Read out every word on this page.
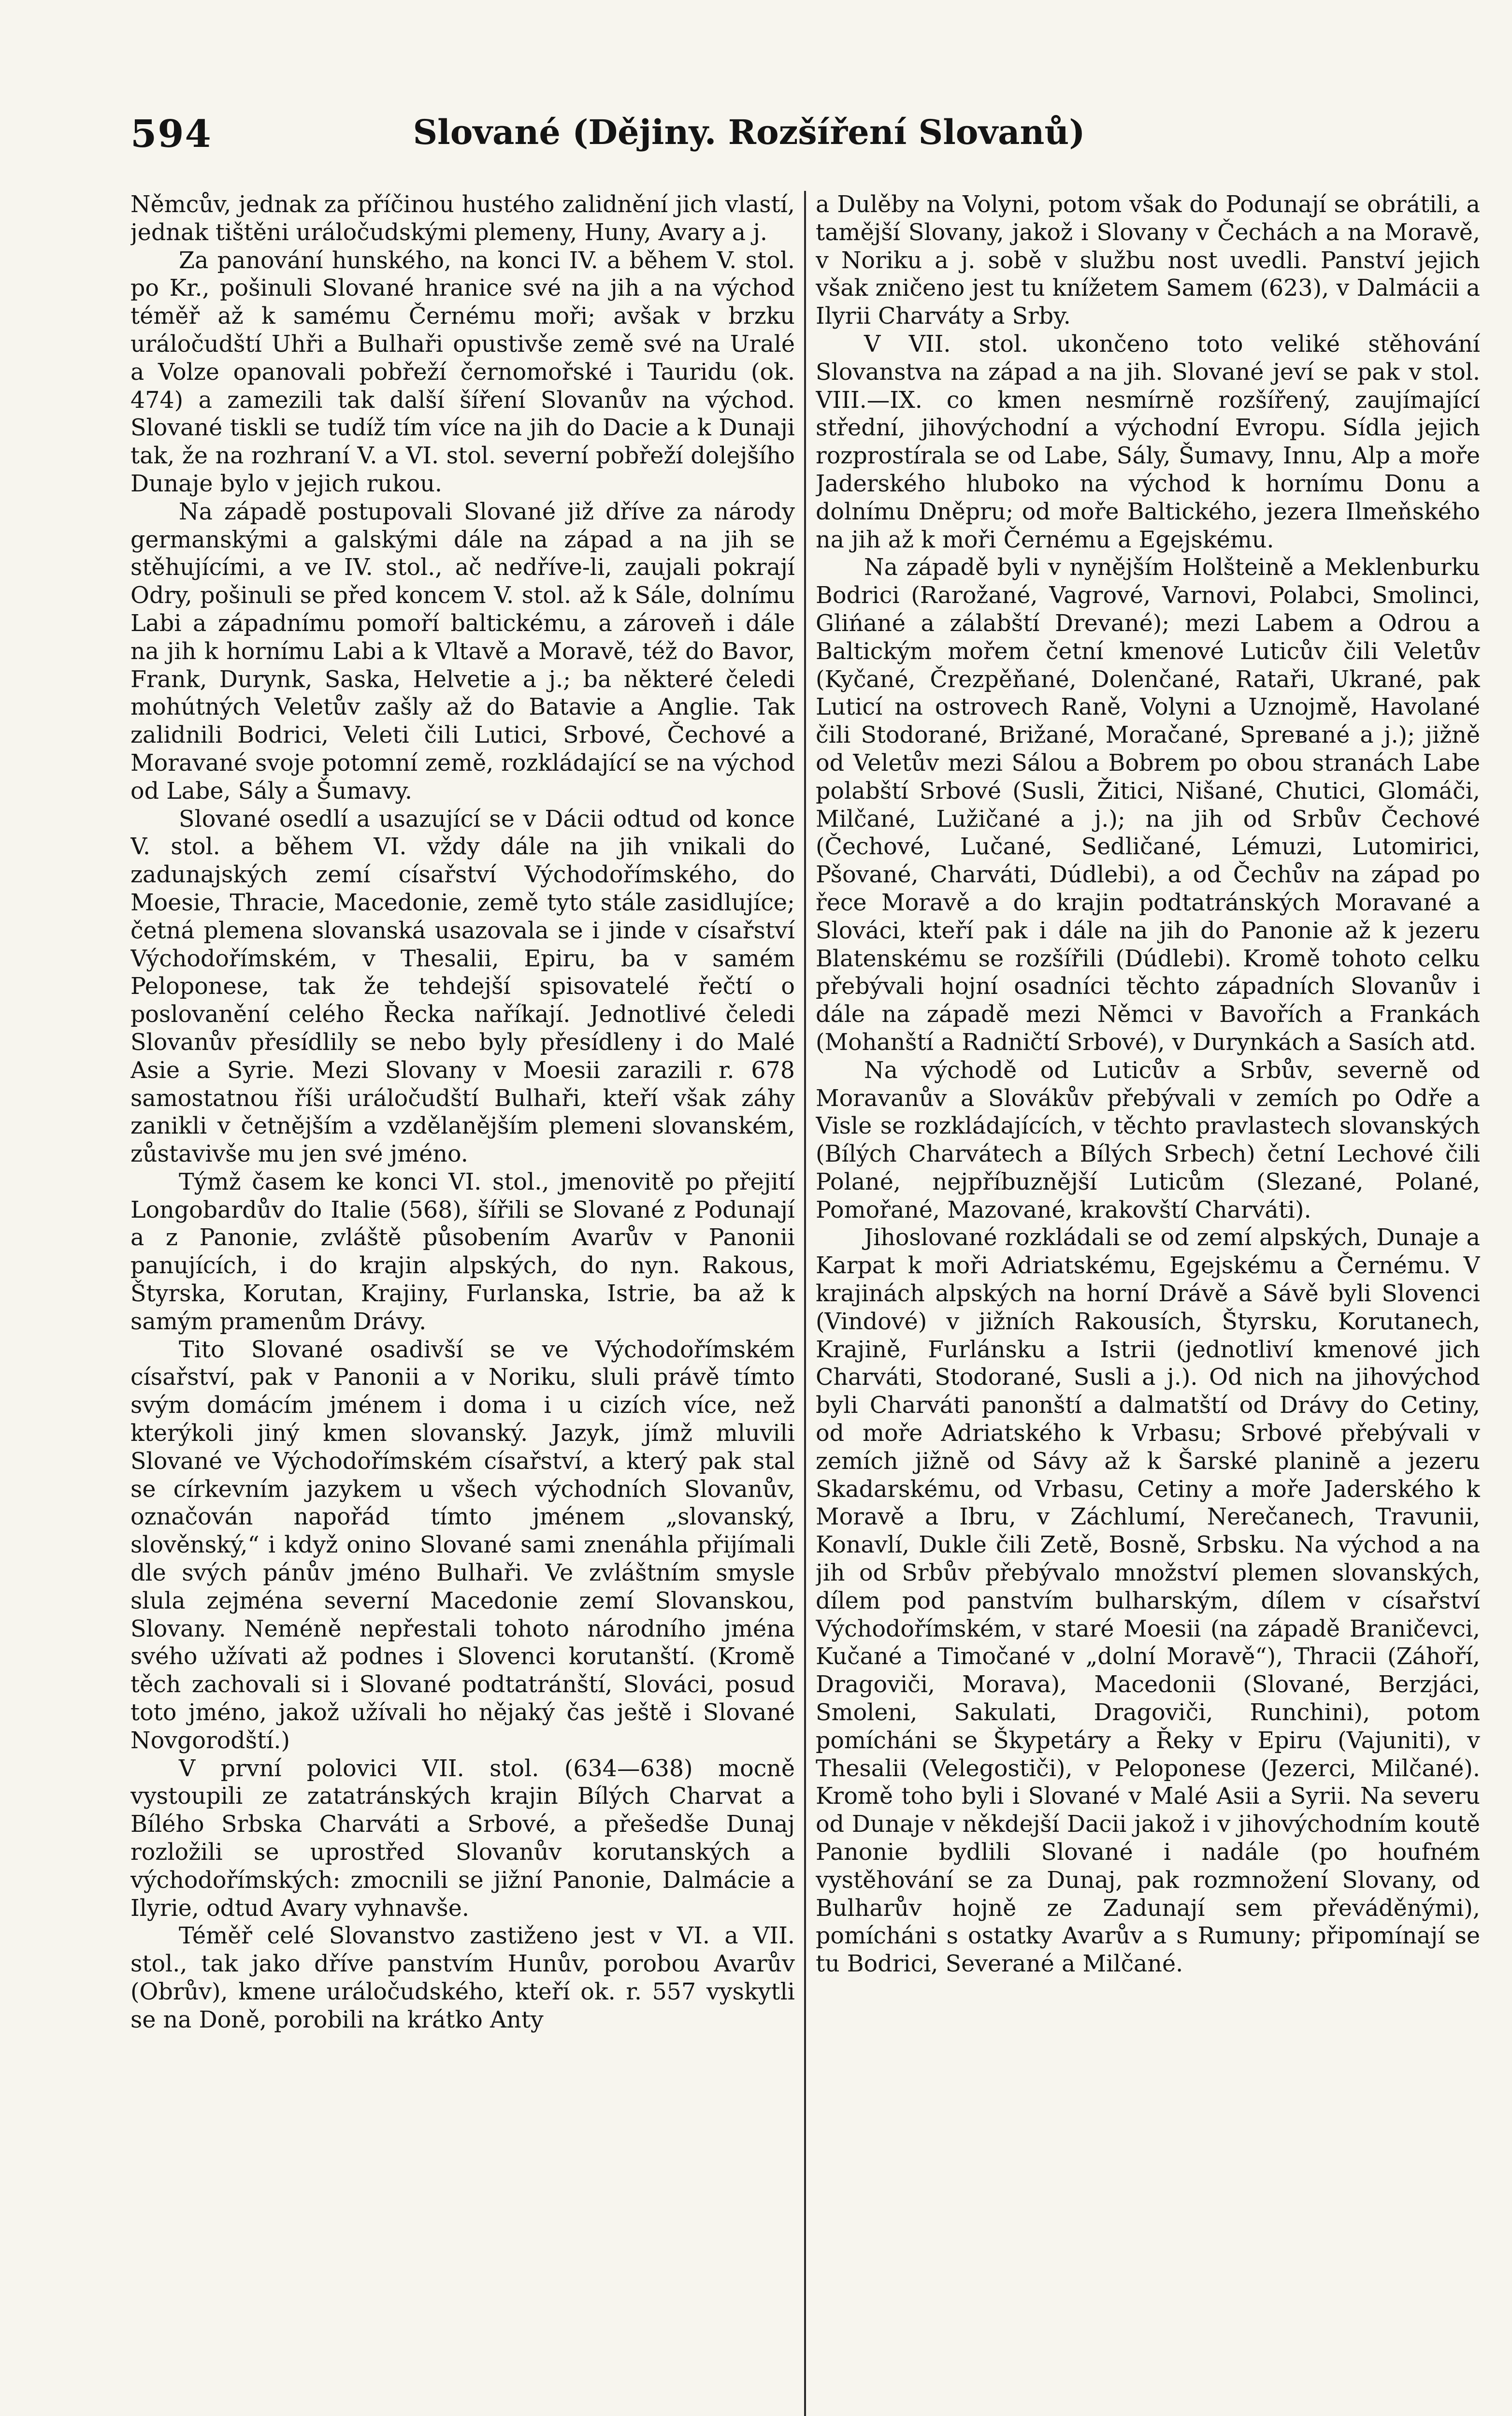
594	Slované (Dějiny. Rozšíření Slovanů)

Němcův, jednak za příčinou hustého zalidnění jich vlastí, jednak tištěni uráločudskými plemeny, Huny, Avary a j.

Za panování hunského, na konci IV. a během V. stol. po Kr., pošinuli Slované hranice své na jih a na východ téměř až k samému Černému moři; avšak v brzku uráločudští Uhři a Bulhaři opustivše země své na Uralé a Volze opanovali pobřeží černomořské i Tauridu (ok. 474) a zamezili tak další šíření Slovanův na východ. Slované tiskli se tudíž tím více na jih do Dacie a k Dunaji tak, že na rozhraní V. a VI. stol. severní pobřeží dolejšího Dunaje bylo v jejich rukou.

Na západě postupovali Slované již dříve za národy germanskými a galskými dále na západ a na jih se stěhujícími, a ve IV. stol., ač nedříve-li, zaujali pokrají Odry, pošinuli se před koncem V. stol. až k Sále, dolnímu Labi a západnímu pomoří baltickému, a zároveň i dále na jih k hornímu Labi a k Vltavě a Moravě, též do Bavor, Frank, Durynk, Saska, Helvetie a j.; ba některé čeledi mohútných Veletův zašly až do Batavie a Anglie. Tak zalidnili Bodrici, Veleti čili Lutici, Srbové, Čechové a Moravané svoje potomní země, rozkládající se na východ od Labe, Sály a Šumavy.

Slované osedlí a usazující se v Dácii odtud od konce V. stol. a během VI. vždy dále na jih vnikali do zadunajských zemí císařství Východořímského, do Moesie, Thracie, Macedonie, země tyto stále zasidlujíce; četná plemena slovanská usazovala se i jinde v císařství Východořímském, v Thesalii, Epiru, ba v samém Peloponese, tak že tehdejší spisovatelé řečtí o poslovanění celého Řecka naříkají. Jednotlivé čeledi Slovanův přesídlily se nebo byly přesídleny i do Malé Asie a Syrie. Mezi Slovany v Moesii zarazili r. 678 samostatnou říši uráločudští Bulhaři, kteří však záhy zanikli v četnějším a vzdělanějším plemeni slovanském, zůstavivše mu jen své jméno.

Týmž časem ke konci VI. stol., jmenovitě po přejití Longobardův do Italie (568), šířili se Slované z Podunají a z Panonie, zvláště působením Avarův v Panonii panujících, i do krajin alpských, do nyn. Rakous, Štyrska, Korutan, Krajiny, Furlanska, Istrie, ba až k samým pramenům Drávy.

Tito Slované osadivší se ve Východořímském císařství, pak v Panonii a v Noriku, sluli právě tímto svým domácím jménem i doma i u cizích více, než kterýkoli jiný kmen slovanský. Jazyk, jímž mluvili Slované ve Východořímském císařství, a který pak stal se církevním jazykem u všech východních Slovanův, označován napořád tímto jménem „slovanský, slověnský,“ i když onino Slované sami znenáhla přijímali dle svých pánův jméno Bulhaři. Ve zvláštním smysle slula zejména severní Macedonie zemí Slovanskou, Slovany. Neméně nepřestali tohoto národního jména svého užívati až podnes i Slovenci korutanští. (Kromě těch zachovali si i Slované podtatránští, Slováci, posud toto jméno, jakož užívali ho nějaký čas ještě i Slované Novgorodští.)

V první polovici VII. stol. (634—638) mocně vystoupili ze zatatránských krajin Bílých Charvat a Bílého Srbska Charváti a Srbové, a přešedše Dunaj rozložili se uprostřed Slovanův korutanských a východořímských: zmocnili se jižní Panonie, Dalmácie a Ilyrie, odtud Avary vyhnavše.

Téměř celé Slovanstvo zastiženo jest v VI. a VII. stol., tak jako dříve panstvím Hunův, porobou Avarův (Obrův), kmene uráločudského, kteří ok. r. 557 vyskytli se na Doně, porobili na krátko Anty

a Dulěby na Volyni, potom však do Podunají se obrátili, a tamější Slovany, jakož i Slovany v Čechách a na Moravě, v Noriku a j. sobě v službu nost uvedli. Panství jejich však zničeno jest tu knížetem Samem (623), v Dalmácii a Ilyrii Charváty a Srby.

V VII. stol. ukončeno toto veliké stěhování Slovanstva na západ a na jih. Slované jeví se pak v stol. VIII.—IX. co kmen nesmírně rozšířený, zaujímající střední, jihovýchodní a východní Evropu. Sídla jejich rozprostírala se od Labe, Sály, Šumavy, Innu, Alp a moře Jaderského hluboko na východ k hornímu Donu a dolnímu Dněpru; od moře Baltického, jezera Ilmeňského na jih až k moři Černému a Egejskému.

Na západě byli v nynějším Holšteině a Meklenburku Bodrici (Rarožané, Vagrové, Varnovi, Polabci, Smolinci, Glińané a zálabští Drevané); mezi Labem a Odrou a Baltickým mořem četní kmenové Luticův čili Veletův (Kyčané, Črezpěňané, Dolenčané, Rataři, Ukrané, pak Luticí na ostrovech Raně, Volyni a Uznojmě, Havolané čili Stodorané, Brižané, Moračané, Spreвané a j.); jižně od Veletův mezi Sálou a Bobrem po obou stranách Labe polabští Srbové (Susli, Žitici, Nišané, Chutici, Glomáči, Milčané, Lužičané a j.); na jih od Srbův Čechové (Čechové, Lučané, Sedličané, Lémuzi, Lutomirici, Pšované, Charváti, Dúdlebi), a od Čechův na západ po řece Moravě a do krajin podtatránských Moravané a Slováci, kteří pak i dále na jih do Panonie až k jezeru Blatenskému se rozšířili (Dúdlebi). Kromě tohoto celku přebývali hojní osadníci těchto západních Slovanův i dále na západě mezi Němci v Bavořích a Frankách (Mohanští a Radničtí Srbové), v Durynkách a Sasích atd.

Na východě od Luticův a Srbův, severně od Moravanův a Slovákův přebývali v zemích po Odře a Visle se rozkládajících, v těchto pravlastech slovanských (Bílých Charvátech a Bílých Srbech) četní Lechové čili Polané, nejpříbuznější Luticům (Slezané, Polané, Pomořané, Mazované, krakovští Charváti).

Jihoslované rozkládali se od zemí alpských, Dunaje a Karpat k moři Adriatskému, Egejskému a Černému. V krajinách alpských na horní Drávě a Sávě byli Slovenci (Vindové) v jižních Rakousích, Štyrsku, Korutanech, Krajině, Furlánsku a Istrii (jednotliví kmenové jich Charváti, Stodorané, Susli a j.). Od nich na jihovýchod byli Charváti panonští a dalmatští od Drávy do Cetiny, od moře Adriatského k Vrbasu; Srbové přebývali v zemích jižně od Sávy až k Šarské planině a jezeru Skadarskému, od Vrbasu, Cetiny a moře Jaderského k Moravě a Ibru, v Záchlumí, Nerečanech, Travunii, Konavlí, Dukle čili Zetě, Bosně, Srbsku. Na východ a na jih od Srbův přebývalo množství plemen slovanských, dílem pod panstvím bulharským, dílem v císařství Východořímském, v staré Moesii (na západě Braničevci, Kučané a Timočané v „dolní Moravě“), Thracii (Záhoří, Dragoviči, Morava), Macedonii (Slované, Berzjáci, Smoleni, Sakulati, Dragoviči, Runchini), potom pomícháni se Škypetáry a Řeky v Epiru (Vajuniti), v Thesalii (Velegostiči), v Peloponese (Jezerci, Milčané). Kromě toho byli i Slované v Malé Asii a Syrii. Na severu od Dunaje v někdejší Dacii jakož i v jihovýchodním koutě Panonie bydlili Slované i nadále (po houfném vystěhování se za Dunaj, pak rozmnožení Slovany, od Bulharův hojně ze Zadunají sem převáděnými), pomícháni s ostatky Avarův a s Rumuny; připomínají se tu Bodrici, Severané a Milčané.
